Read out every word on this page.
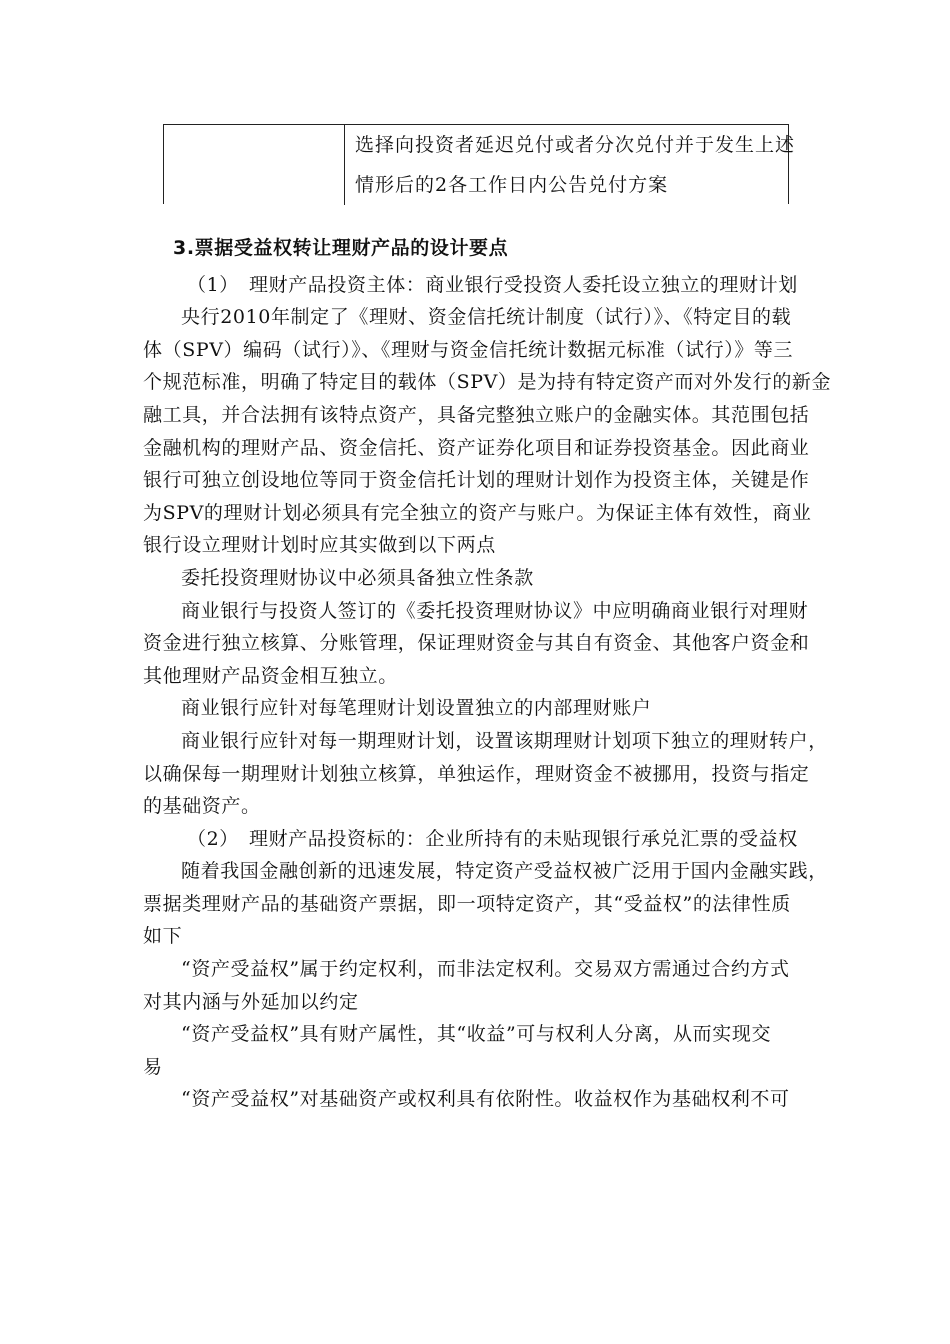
选择向投资者延迟兑付或者分次兑付并于发生上述
情形后的2各工作日内公告兑付方案
3.票据受益权转让理财产品的设计要点
（1）　理财产品投资主体：商业银行受投资人委托设立独立的理财计划
央行2010年制定了《理财、资金信托统计制度（试行）》、《特定目的载
体（SPV）编码（试行）》、《理财与资金信托统计数据元标准（试行）》等三
个规范标准，明确了特定目的载体（SPV）是为持有特定资产而对外发行的新金
融工具，并合法拥有该特点资产，具备完整独立账户的金融实体。其范围包括
金融机构的理财产品、资金信托、资产证券化项目和证券投资基金。因此商业
银行可独立创设地位等同于资金信托计划的理财计划作为投资主体，关键是作
为SPV的理财计划必须具有完全独立的资产与账户。为保证主体有效性，商业
银行设立理财计划时应其实做到以下两点
委托投资理财协议中必须具备独立性条款
商业银行与投资人签订的《委托投资理财协议》中应明确商业银行对理财
资金进行独立核算、分账管理，保证理财资金与其自有资金、其他客户资金和
其他理财产品资金相互独立。
商业银行应针对每笔理财计划设置独立的内部理财账户
商业银行应针对每一期理财计划，设置该期理财计划项下独立的理财转户，
以确保每一期理财计划独立核算，单独运作，理财资金不被挪用，投资与指定
的基础资产。
（2）　理财产品投资标的：企业所持有的未贴现银行承兑汇票的受益权
随着我国金融创新的迅速发展，特定资产受益权被广泛用于国内金融实践，
票据类理财产品的基础资产票据，即一项特定资产，其“受益权”的法律性质
如下
“资产受益权”属于约定权利，而非法定权利。交易双方需通过合约方式
对其内涵与外延加以约定
“资产受益权”具有财产属性，其“收益”可与权利人分离，从而实现交
易
“资产受益权”对基础资产或权利具有依附性。收益权作为基础权利不可
